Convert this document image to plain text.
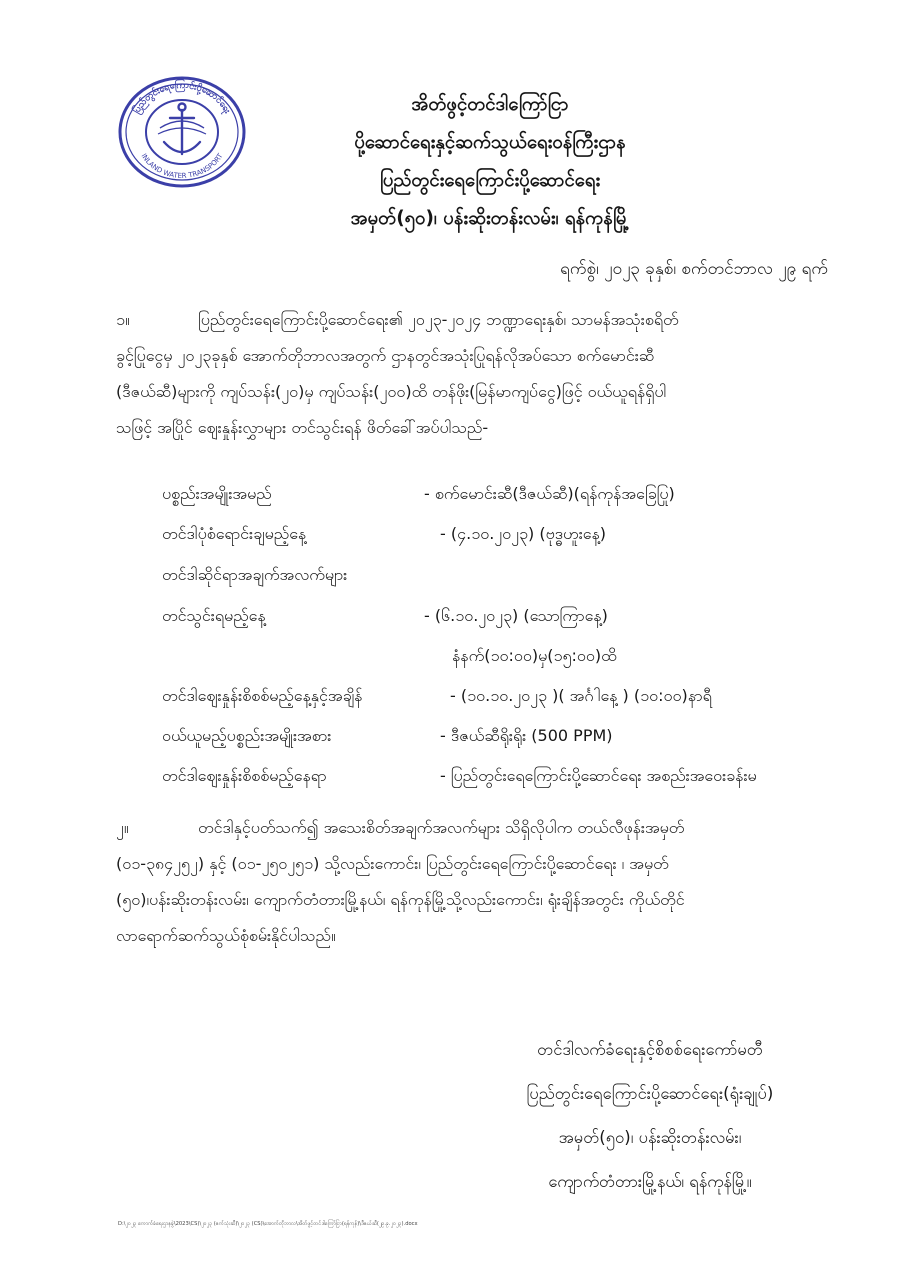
ပြည်တွင်းရေကြောင်းပို့ဆောင်ရေး
INLAND WATER TRANSPORT
အိတ်ဖွင့်တင်ဒါကြော်ငြာ
ပို့ဆောင်ရေးနှင့်ဆက်သွယ်ရေးဝန်ကြီးဌာန
ပြည်တွင်းရေကြောင်းပို့ဆောင်ရေး
အမှတ်(၅၀)၊ ပန်းဆိုးတန်းလမ်း၊ ရန်ကုန်မြို့
ရက်စွဲ၊ ၂၀၂၃ ခုနှစ်၊ စက်တင်ဘာလ ၂၉ ရက်
၁။	ပြည်တွင်းရေကြောင်းပို့ဆောင်ရေး၏ ၂၀၂၃-၂၀၂၄ ဘဏ္ဍာရေးနှစ်၊ သာမန်အသုံးစရိတ်
ခွင့်ပြုငွေမှ ၂၀၂၃ခုနှစ် အောက်တိုဘာလအတွက် ဌာနတွင်အသုံးပြုရန်လိုအပ်သော စက်မောင်းဆီ
(ဒီဇယ်ဆီ)များကို ကျပ်သန်း(၂၀)မှ ကျပ်သန်း(၂၀၀)ထိ တန်ဖိုး(မြန်မာကျပ်ငွေ)ဖြင့် ဝယ်ယူရန်ရှိပါ
သဖြင့် အပြိုင် ဈေးနှုန်းလွှာများ တင်သွင်းရန် ဖိတ်ခေါ်အပ်ပါသည်-
ပစ္စည်းအမျိုးအမည်	- စက်မောင်းဆီ(ဒီဇယ်ဆီ)(ရန်ကုန်အခြေပြု)
တင်ဒါပုံစံရောင်းချမည့်နေ့	- (၄.၁၀.၂၀၂၃) (ဗုဒ္ဓဟူးနေ့)
တင်ဒါဆိုင်ရာအချက်အလက်များ
တင်သွင်းရမည့်နေ့	- (၆.၁၀.၂၀၂၃) (သောကြာနေ့)
နံနက်(၁၀:၀၀)မှ(၁၅:၀၀)ထိ
တင်ဒါဈေးနှုန်းစိစစ်မည့်နေ့နှင့်အချိန်	- (၁၀.၁၀.၂၀၂၃ )( အင်္ဂါနေ့ ) (၁၀:၀၀)နာရီ
ဝယ်ယူမည့်ပစ္စည်းအမျိုးအစား	- ဒီဇယ်ဆီရိုးရိုး (500 PPM)
တင်ဒါဈေးနှုန်းစိစစ်မည့်နေရာ	- ပြည်တွင်းရေကြောင်းပို့ဆောင်ရေး အစည်းအဝေးခန်းမ
၂။	တင်ဒါနှင့်ပတ်သက်၍ အသေးစိတ်အချက်အလက်များ သိရှိလိုပါက တယ်လီဖုန်းအမှတ်
(၀၁-၃၈၄၂၅၂) နှင့် (၀၁-၂၅၀၂၅၁) သို့လည်းကောင်း၊ ပြည်တွင်းရေကြောင်းပို့ဆောင်ရေး ၊ အမှတ်
(၅၀)၊ပန်းဆိုးတန်းလမ်း၊ ကျောက်တံတားမြို့နယ်၊ ရန်ကုန်မြို့သို့လည်းကောင်း၊ ရုံးချိန်အတွင်း ကိုယ်တိုင်
လာရောက်ဆက်သွယ်စုံစမ်းနိုင်ပါသည်။
တင်ဒါလက်ခံရေးနှင့်စိစစ်ရေးကော်မတီ
ပြည်တွင်းရေကြောင်းပို့ဆောင်ရေး(ရုံးချုပ်)
အမှတ်(၅၀)၊ ပန်းဆိုးတန်းလမ်း၊
ကျောက်တံတားမြို့နယ်၊ ရန်ကုန်မြို့။
D:\၂၀၂၃ ကောက်ခံရေးဌာနခွဲ\2023\CS)\၂၀၂၃ (ဇက်သုံးဆီ)\၂၀၂၃ (CS)\အောက်တိုဘာလ\အိတ်ဖွင့်တင်ဒါကြော်ငြာ(ရန်ကုန်)\ဒီဇယ်ဆီ(၂၉.၉.၂၀၂၃).docx
